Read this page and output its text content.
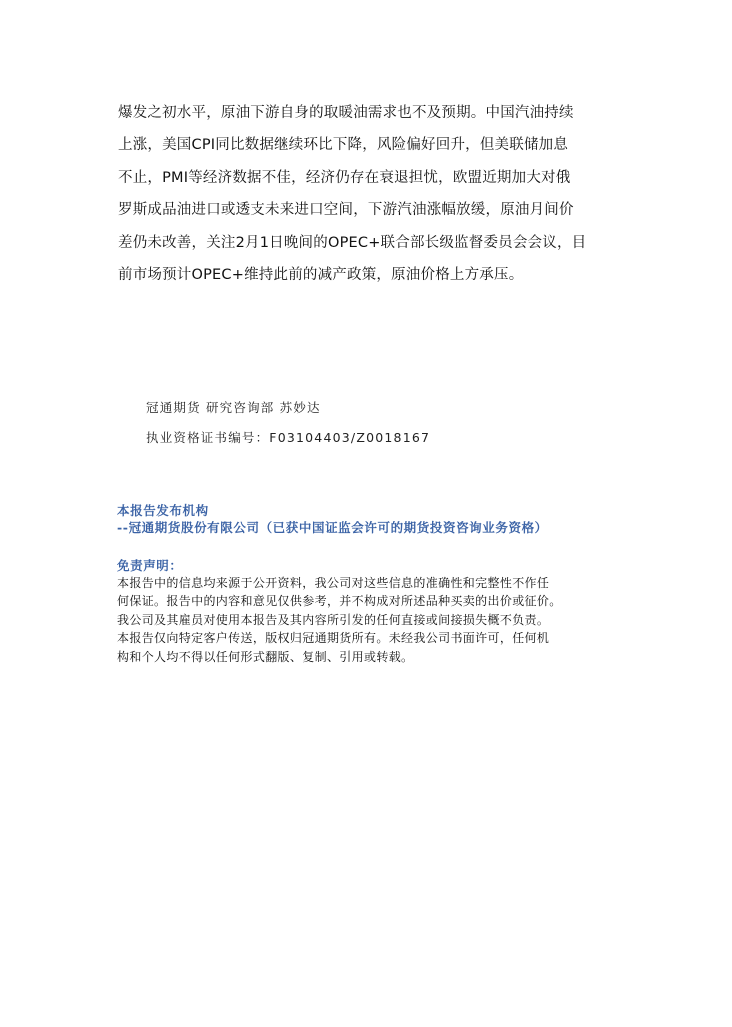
爆发之初水平，原油下游自身的取暖油需求也不及预期。中国汽油持续
上涨，美国CPI同比数据继续环比下降，风险偏好回升，但美联储加息
不止，PMI等经济数据不佳，经济仍存在衰退担忧，欧盟近期加大对俄
罗斯成品油进口或透支未来进口空间，下游汽油涨幅放缓，原油月间价
差仍未改善，关注2月1日晚间的OPEC+联合部长级监督委员会会议，目
前市场预计OPEC+维持此前的减产政策，原油价格上方承压。
冠通期货 研究咨询部 苏妙达
执业资格证书编号：F03104403/Z0018167
本报告发布机构
--冠通期货股份有限公司（已获中国证监会许可的期货投资咨询业务资格）
免责声明：
本报告中的信息均来源于公开资料，我公司对这些信息的准确性和完整性不作任
何保证。报告中的内容和意见仅供参考，并不构成对所述品种买卖的出价或征价。
我公司及其雇员对使用本报告及其内容所引发的任何直接或间接损失概不负责。
本报告仅向特定客户传送，版权归冠通期货所有。未经我公司书面许可，任何机
构和个人均不得以任何形式翻版、复制、引用或转载。
